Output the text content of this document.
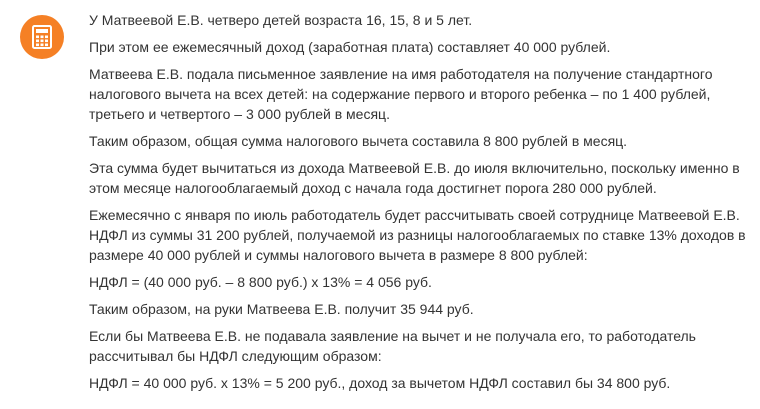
У Матвеевой Е.В. четверо детей возраста 16, 15, 8 и 5 лет.

При этом ее ежемесячный доход (заработная плата) составляет 40 000 рублей.

Матвеева Е.В. подала письменное заявление на имя работодателя на получение стандартного налогового вычета на всех детей: на содержание первого и второго ребенка – по 1 400 рублей, третьего и четвертого – 3 000 рублей в месяц.

Таким образом, общая сумма налогового вычета составила 8 800 рублей в месяц.

Эта сумма будет вычитаться из дохода Матвеевой Е.В. до июля включительно, поскольку именно в этом месяце налогооблагаемый доход с начала года достигнет порога 280 000 рублей.

Ежемесячно с января по июль работодатель будет рассчитывать своей сотруднице Матвеевой Е.В. НДФЛ из суммы 31 200 рублей, получаемой из разницы налогооблагаемых по ставке 13% доходов в размере 40 000 рублей и суммы налогового вычета в размере 8 800 рублей:

НДФЛ = (40 000 руб. – 8 800 руб.) х 13% = 4 056 руб.

Таким образом, на руки Матвеева Е.В. получит 35 944 руб.

Если бы Матвеева Е.В. не подавала заявление на вычет и не получала его, то работодатель рассчитывал бы НДФЛ следующим образом:

НДФЛ = 40 000 руб. х 13% = 5 200 руб., доход за вычетом НДФЛ составил бы 34 800 руб.
